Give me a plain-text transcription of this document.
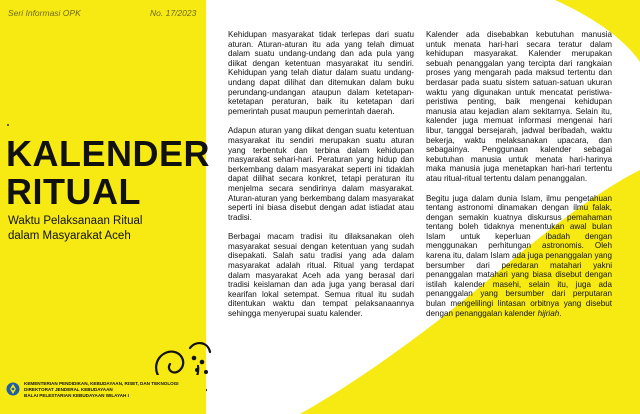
Seri Informasi OPK	No. 17/2023
KALENDER
RITUAL
Waktu Pelaksanaan Ritual
dalam Masyarakat Aceh
KEMENTERIAN PENDIDIKAN, KEBUDAYAAN, RISET, DAN TEKNOLOGI
DIREKTORAT JENDERAL KEBUDAYAAN
BALAI PELESTARIAN KEBUDAYAAN WILAYAH I

Kehidupan masyarakat tidak terlepas dari suatu aturan. Aturan-aturan itu ada yang telah dimuat dalam suatu undang-undang dan ada pula yang diikat dengan ketentuan masyarakat itu sendiri. Kehidupan yang telah diatur dalam suatu undang-undang dapat dilihat dan ditemukan dalam buku perundang-undangan ataupun dalam ketetapan-ketetapan peraturan, baik itu ketetapan dari pemerintah pusat maupun pemerintah daerah.

Adapun aturan yang diikat dengan suatu ketentuan masyarakat itu sendiri merupakan suatu aturan yang terbentuk dan terbina dalam kehidupan masyarakat sehari-hari. Peraturan yang hidup dan berkembang dalam masyarakat seperti ini tidaklah dapat dilihat secara konkret, tetapi peraturan itu menjelma secara sendirinya dalam masyarakat. Aturan-aturan yang berkembang dalam masyarakat seperti ini biasa disebut dengan adat istiadat atau tradisi.

Berbagai macam tradisi itu dilaksanakan oleh masyarakat sesuai dengan ketentuan yang sudah disepakati. Salah satu tradisi yang ada dalam masyarakat adalah ritual. Ritual yang terdapat dalam masyarakat Aceh ada yang berasal dari tradisi keislaman dan ada juga yang berasal dari kearifan lokal setempat. Semua ritual itu sudah ditentukan waktu dan tempat pelaksanaannya sehingga menyerupai suatu kalender.

Kalender ada disebabkan kebutuhan manusia untuk menata hari-hari secara teratur dalam kehidupan masyarakat. Kalender merupakan sebuah penanggalan yang tercipta dari rangkaian proses yang mengarah pada maksud tertentu dan berdasar pada suatu sistem satuan-satuan ukuran waktu yang digunakan untuk mencatat peristiwa-peristiwa penting, baik mengenai kehidupan manusia atau kejadian alam sekitarnya. Selain itu, kalender juga memuat informasi mengenai hari libur, tanggal bersejarah, jadwal beribadah, waktu bekerja, waktu melaksanakan upacara, dan sebagainya. Penggunaan kalender sebagai kebutuhan manusia untuk menata hari-harinya maka manusia juga menetapkan hari-hari tertentu atau ritual-ritual tertentu dalam penanggalan.

Begitu juga dalam dunia Islam, ilmu pengetahuan tentang astronomi dinamakan dengan ilmu falak, dengan semakin kuatnya diskursus pemahaman tentang boleh tidaknya menentukan awal bulan Islam untuk keperluan ibadah dengan menggunakan perhitungan astronomis. Oleh karena itu, dalam Islam ada juga penanggalan yang bersumber dari peredaran matahari yakni penanggalan matahari yang biasa disebut dengan istilah kalender masehi, selain itu, juga ada penanggalan yang bersumber dari perputaran bulan mengelilingi lintasan orbitnya yang disebut dengan penanggalan kalender hijriah.
